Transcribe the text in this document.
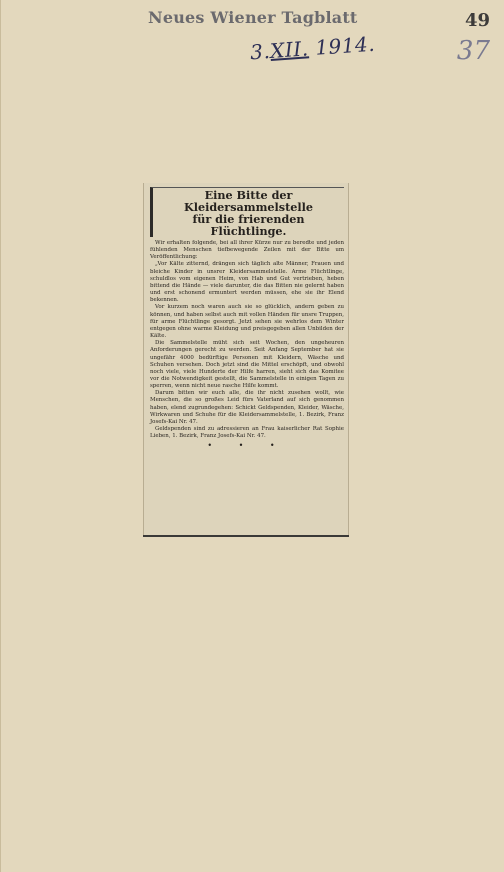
Neues Wiener Tagblatt	49
37
3.XII. 1914.
Eine Bitte der Kleidersammelstelle
für die frierenden Flüchtlinge.

Wir erhalten folgende, bei all ihrer Kürze nur zu beredte und jeden fühlenden Menschen tiefbewegende Zeilen mit der Bitte um Veröffentlichung:

„Vor Kälte zitternd, drängen sich täglich alte Männer, Frauen und bleiche Kinder in unsrer Kleidersammelstelle. Arme Flüchtlinge, schuldlos vom eigenen Heim, von Hab und Gut vertrieben, heben bittend die Hände — viele darunter, die das Bitten nie gelernt haben und erst schonend ermuntert werden müssen, ehe sie ihr Elend bekennen.

Vor kurzem noch waren auch sie so glücklich, andern geben zu können, und haben selbst auch mit vollen Händen für unsre Truppen, für arme Flüchtlinge gesorgt. Jetzt sehen sie wehrlos dem Winter entgegen ohne warme Kleidung und preisgegeben allen Unbilden der Kälte.

Die Sammelstelle müht sich seit Wochen, den ungeheuren Anforderungen gerecht zu werden. Seit Anfang September hat sie ungefähr 4000 bedürftige Personen mit Kleidern, Wäsche und Schuhen versehen. Doch jetzt sind die Mittel erschöpft, und obwohl noch viele, viele Hunderte der Hilfe harren, sieht sich das Komitee vor die Notwendigkeit gestellt, die Sammelstelle in einigen Tagen zu sperren, wenn nicht neue rasche Hilfe kommt.

Darum bitten wir euch alle, die ihr nicht zusehen wollt, wie Menschen, die so großes Leid fürs Vaterland auf sich genommen haben, elend zugrundegehen: Schickt Geldspenden, Kleider, Wäsche, Wirkwaren und Schuhe für die Kleidersammelstelle, 1. Bezirk, Franz Josefs-Kai Nr. 47.

Geldspenden sind zu adressieren an Frau kaiserlicher Rat Sophie Lieben, 1. Bezirk, Franz Josefs-Kai Nr. 47.

• • •
